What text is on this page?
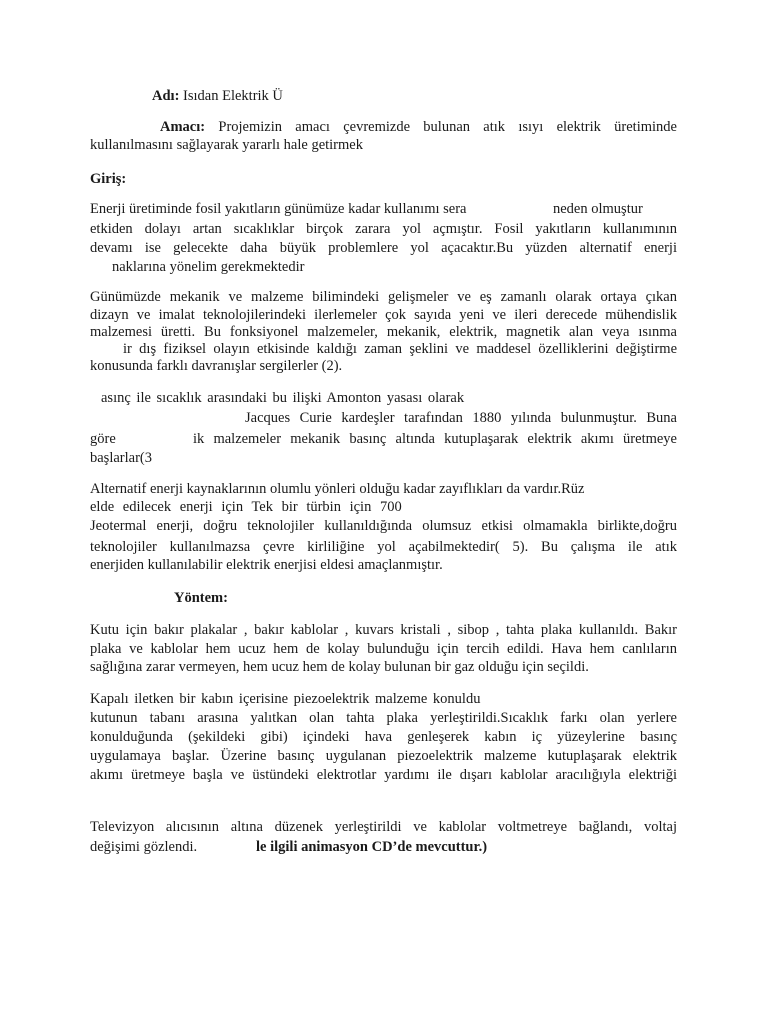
Adı: Isıdan Elektrik Ü

Amacı: Projemizin amacı çevremizde bulunan atık ısıyı elektrik üretiminde

kullanılmasını sağlayarak yararlı hale getirmek

Giriş:

Enerji üretiminde fosil yakıtların günümüze kadar kullanımı sera	neden olmuştur

etkiden dolayı artan sıcaklıklar birçok zarara yol açmıştır. Fosil yakıtların kullanımının

devamı ise gelecekte daha büyük problemlere yol açacaktır.Bu yüzden alternatif enerji

naklarına yönelim gerekmektedir

Günümüzde mekanik ve malzeme bilimindeki gelişmeler ve eş zamanlı olarak ortaya çıkan

dizayn ve imalat teknolojilerindeki ilerlemeler çok sayıda yeni ve ileri derecede mühendislik

malzemesi üretti. Bu fonksiyonel malzemeler, mekanik, elektrik, magnetik alan veya ısınma

ir dış fiziksel olayın etkisinde kaldığı zaman şeklini ve maddesel özelliklerini değiştirme

konusunda farklı davranışlar sergilerler (2).

asınç ile sıcaklık arasındaki bu ilişki Amonton yasası olarak

Jacques Curie kardeşler tarafından 1880 yılında bulunmuştur. Buna

göre	ik malzemeler mekanik basınç altında kutuplaşarak elektrik akımı üretmeye

başlarlar(3

Alternatif enerji kaynaklarının olumlu yönleri olduğu kadar zayıflıkları da vardır.Rüz

elde edilecek enerji için Tek bir türbin için 700

Jeotermal enerji, doğru teknolojiler kullanıldığında olumsuz etkisi olmamakla birlikte,doğru

teknolojiler kullanılmazsa çevre kirliliğine yol açabilmektedir( 5). Bu çalışma ile atık

enerjiden kullanılabilir elektrik enerjisi eldesi amaçlanmıştır.

Yöntem:

Kutu için bakır plakalar , bakır kablolar , kuvars kristali , sibop , tahta plaka kullanıldı. Bakır

plaka ve kablolar hem ucuz hem de kolay bulunduğu için tercih edildi. Hava hem canlıların

sağlığına zarar vermeyen, hem ucuz hem de kolay bulunan bir gaz olduğu için seçildi.

Kapalı iletken bir kabın içerisine piezoelektrik malzeme konuldu

kutunun tabanı arasına yalıtkan olan tahta plaka yerleştirildi.Sıcaklık farkı olan yerlere

konulduğunda (şekildeki gibi) içindeki hava genleşerek kabın iç yüzeylerine basınç

uygulamaya başlar. Üzerine basınç uygulanan piezoelektrik malzeme kutuplaşarak elektrik

akımı üretmeye başla ve üstündeki elektrotlar yardımı ile dışarı kablolar aracılığıyla elektriği

Televizyon alıcısının altına düzenek yerleştirildi ve kablolar voltmetreye bağlandı, voltaj

değişimi gözlendi.	le ilgili animasyon CD’de mevcuttur.)
